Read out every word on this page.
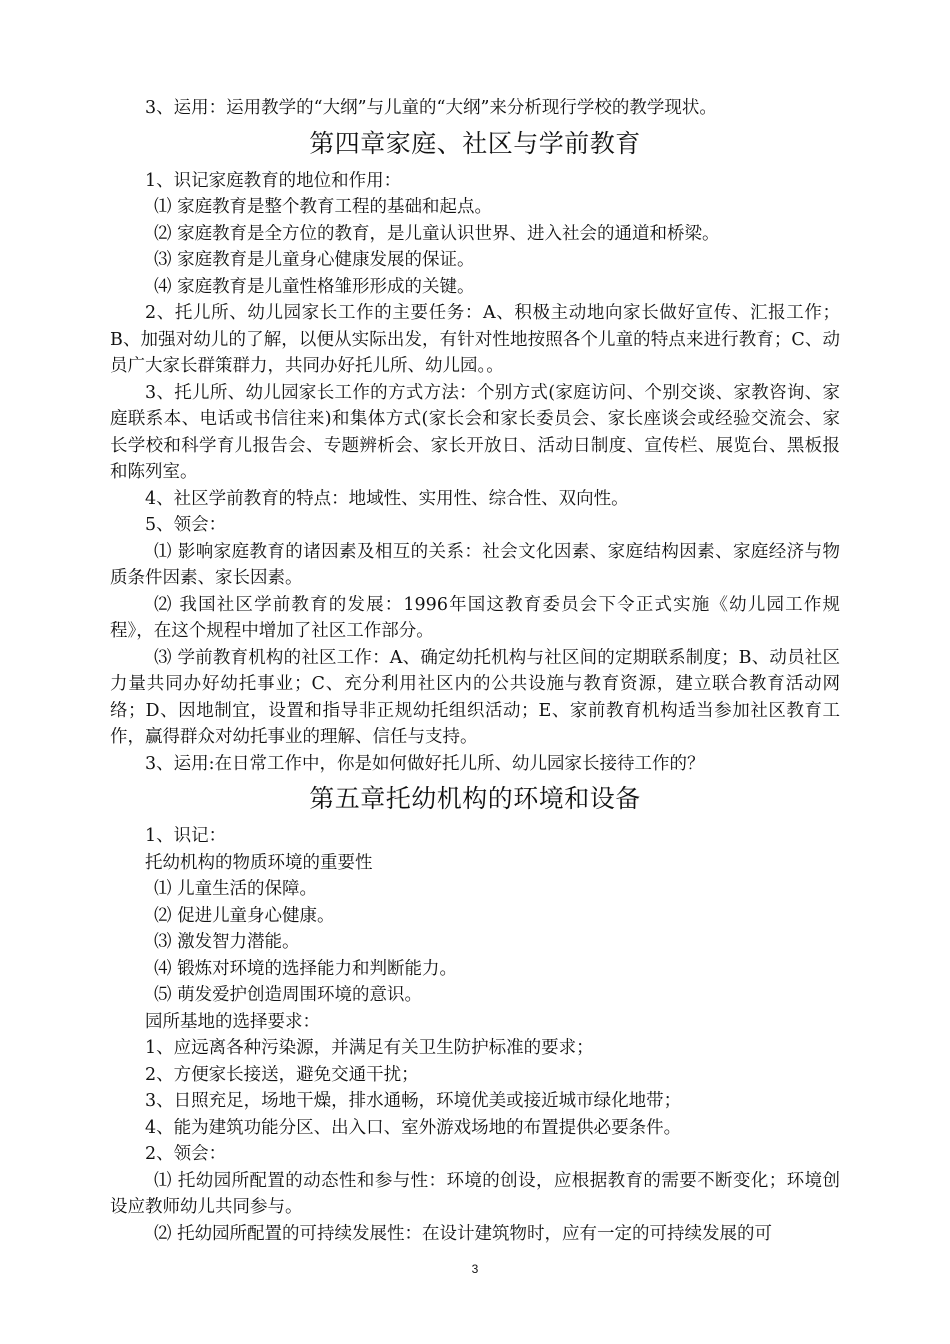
3、运用：运用教学的“大纲”与儿童的“大纲”来分析现行学校的教学现状。

第四章家庭、社区与学前教育

1、识记家庭教育的地位和作用：

⑴ 家庭教育是整个教育工程的基础和起点。

⑵ 家庭教育是全方位的教育，是儿童认识世界、进入社会的通道和桥梁。

⑶ 家庭教育是儿童身心健康发展的保证。

⑷ 家庭教育是儿童性格雏形形成的关键。

2、托儿所、幼儿园家长工作的主要任务：A、积极主动地向家长做好宣传、汇报工作；B、加强对幼儿的了解，以便从实际出发，有针对性地按照各个儿童的特点来进行教育；C、动员广大家长群策群力，共同办好托儿所、幼儿园。。

3、托儿所、幼儿园家长工作的方式方法：个别方式(家庭访问、个别交谈、家教咨询、家庭联系本、电话或书信往来)和集体方式(家长会和家长委员会、家长座谈会或经验交流会、家长学校和科学育儿报告会、专题辨析会、家长开放日、活动日制度、宣传栏、展览台、黑板报和陈列室。

4、社区学前教育的特点：地域性、实用性、综合性、双向性。

5、领会：

⑴ 影响家庭教育的诸因素及相互的关系：社会文化因素、家庭结构因素、家庭经济与物质条件因素、家长因素。

⑵ 我国社区学前教育的发展：1996年国这教育委员会下令正式实施《幼儿园工作规程》，在这个规程中增加了社区工作部分。

⑶ 学前教育机构的社区工作：A、确定幼托机构与社区间的定期联系制度；B、动员社区力量共同办好幼托事业；C、充分利用社区内的公共设施与教育资源，建立联合教育活动网络；D、因地制宜，设置和指导非正规幼托组织活动；E、家前教育机构适当参加社区教育工作，赢得群众对幼托事业的理解、信任与支持。

3、运用:在日常工作中，你是如何做好托儿所、幼儿园家长接待工作的？

第五章托幼机构的环境和设备

1、识记：

托幼机构的物质环境的重要性

⑴ 儿童生活的保障。

⑵ 促进儿童身心健康。

⑶ 激发智力潜能。

⑷ 锻炼对环境的选择能力和判断能力。

⑸ 萌发爱护创造周围环境的意识。

园所基地的选择要求：

1、应远离各种污染源，并满足有关卫生防护标准的要求；

2、方便家长接送，避免交通干扰；

3、日照充足，场地干燥，排水通畅，环境优美或接近城市绿化地带；

4、能为建筑功能分区、出入口、室外游戏场地的布置提供必要条件。

2、领会：

⑴ 托幼园所配置的动态性和参与性：环境的创设，应根据教育的需要不断变化；环境创设应教师幼儿共同参与。

⑵ 托幼园所配置的可持续发展性：在设计建筑物时，应有一定的可持续发展的可

3
